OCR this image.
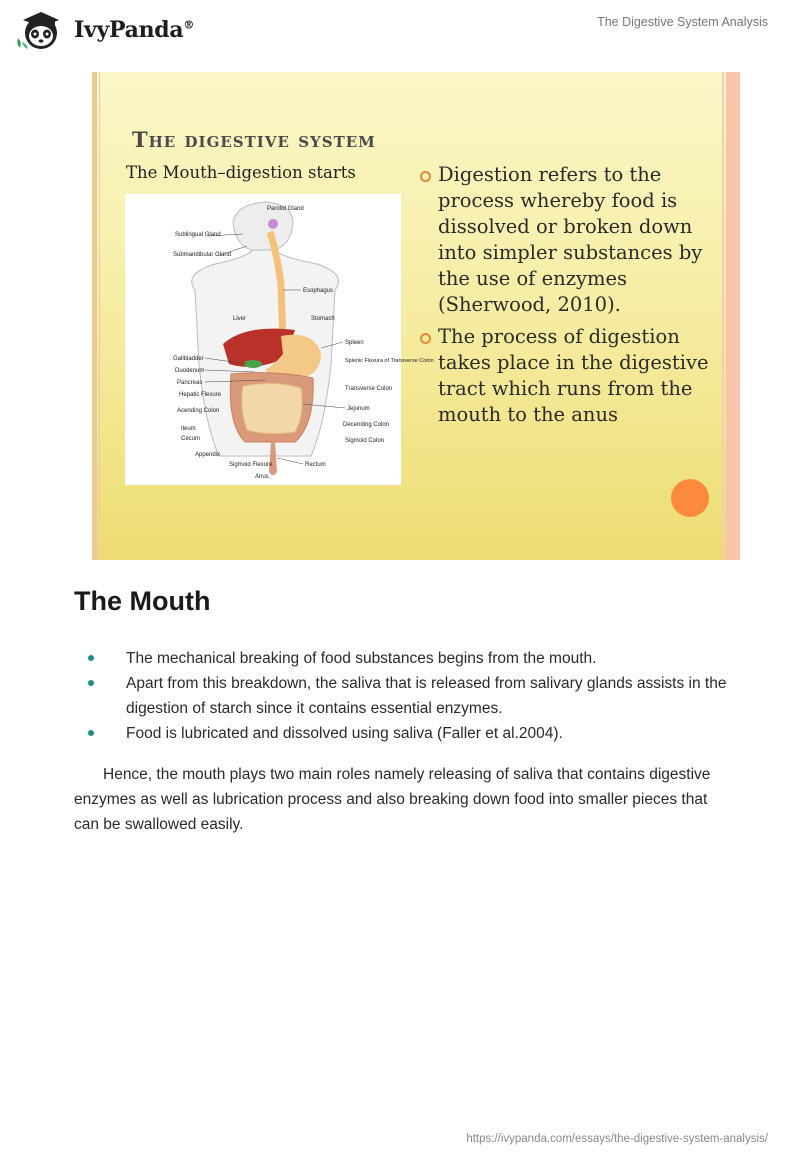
IvyPanda®	The Digestive System Analysis
The digestive system
The Mouth–digestion starts
Parotid Gland
Sublingual Gland
Submandibular Gland
Esophagus
Liver	Stomach
Spleen
Splenic Flexura of Transverse Colon
Gallbladder
Duodenum
Pancreas
Hepatic Flexure
Transverse Colon
Acending Colon	Jejunum
Ileum
Decending Colon
Cecum	Sigmoid Colon
Appendix
Sigmoid Flexure	Rectum
Anus
Digestion refers to the process whereby food is dissolved or broken down into simpler substances by the use of enzymes (Sherwood, 2010).
The process of digestion takes place in the digestive tract which runs from the mouth to the anus
The Mouth
The mechanical breaking of food substances begins from the mouth.
Apart from this breakdown, the saliva that is released from salivary glands assists in the digestion of starch since it contains essential enzymes.
Food is lubricated and dissolved using saliva (Faller et al.2004).

Hence, the mouth plays two main roles namely releasing of saliva that contains digestive enzymes as well as lubrication process and also breaking down food into smaller pieces that can be swallowed easily.

https://ivypanda.com/essays/the-digestive-system-analysis/
